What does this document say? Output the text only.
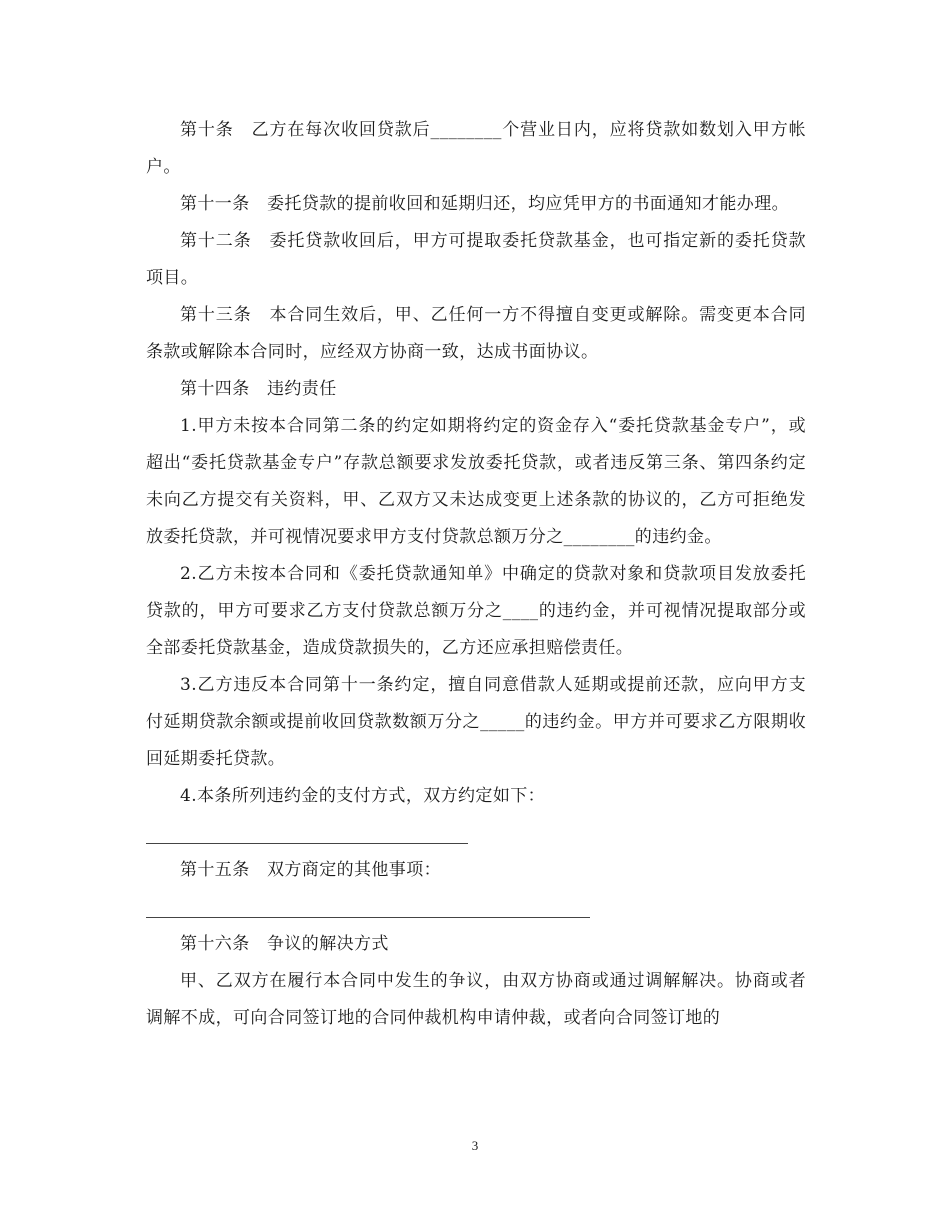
第十条　乙方在每次收回贷款后________个营业日内，应将贷款如数划入甲方帐户。

第十一条　委托贷款的提前收回和延期归还，均应凭甲方的书面通知才能办理。

第十二条　委托贷款收回后，甲方可提取委托贷款基金，也可指定新的委托贷款项目。

第十三条　本合同生效后，甲、乙任何一方不得擅自变更或解除。需变更本合同条款或解除本合同时，应经双方协商一致，达成书面协议。

第十四条　违约责任

1.甲方未按本合同第二条的约定如期将约定的资金存入“委托贷款基金专户”，或超出“委托贷款基金专户”存款总额要求发放委托贷款，或者违反第三条、第四条约定未向乙方提交有关资料，甲、乙双方又未达成变更上述条款的协议的，乙方可拒绝发放委托贷款，并可视情况要求甲方支付贷款总额万分之________的违约金。

2.乙方未按本合同和《委托贷款通知单》中确定的贷款对象和贷款项目发放委托贷款的，甲方可要求乙方支付贷款总额万分之____的违约金，并可视情况提取部分或全部委托贷款基金，造成贷款损失的，乙方还应承担赔偿责任。

3.乙方违反本合同第十一条约定，擅自同意借款人延期或提前还款，应向甲方支付延期贷款余额或提前收回贷款数额万分之_____的违约金。甲方并可要求乙方限期收回延期委托贷款。

4.本条所列违约金的支付方式，双方约定如下：

第十五条　双方商定的其他事项：

第十六条　争议的解决方式

甲、乙双方在履行本合同中发生的争议，由双方协商或通过调解解决。协商或者调解不成，可向合同签订地的合同仲裁机构申请仲裁，或者向合同签订地的

3
